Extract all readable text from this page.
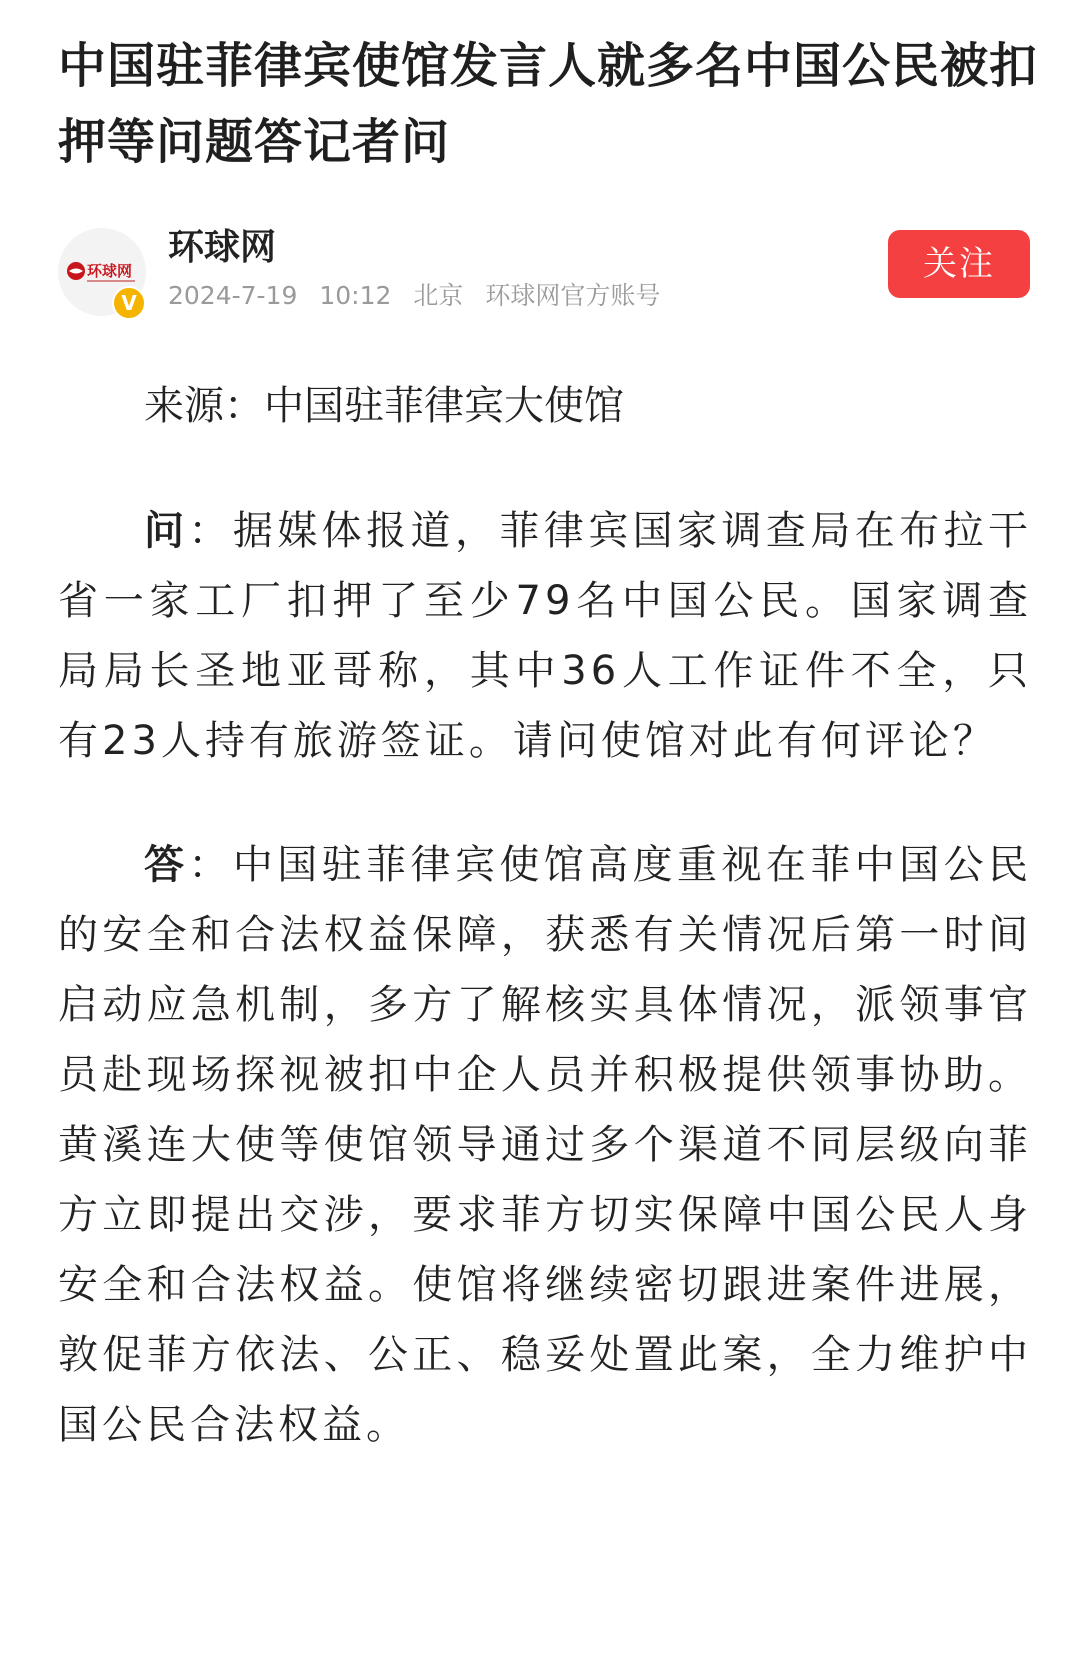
中国驻菲律宾使馆发言人就多名中国公民被扣押等问题答记者问
环球网
V
环球网
2024-7-19 10:12 北京 环球网官方账号
关注

来源：中国驻菲律宾大使馆

问：据媒体报道，菲律宾国家调查局在布拉干省一家工厂扣押了至少79名中国公民。国家调查局局长圣地亚哥称，其中36人工作证件不全，只有23人持有旅游签证。请问使馆对此有何评论？

答：中国驻菲律宾使馆高度重视在菲中国公民的安全和合法权益保障，获悉有关情况后第一时间启动应急机制，多方了解核实具体情况，派领事官员赴现场探视被扣中企人员并积极提供领事协助。黄溪连大使等使馆领导通过多个渠道不同层级向菲方立即提出交涉，要求菲方切实保障中国公民人身安全和合法权益。使馆将继续密切跟进案件进展，敦促菲方依法、公正、稳妥处置此案，全力维护中国公民合法权益。
